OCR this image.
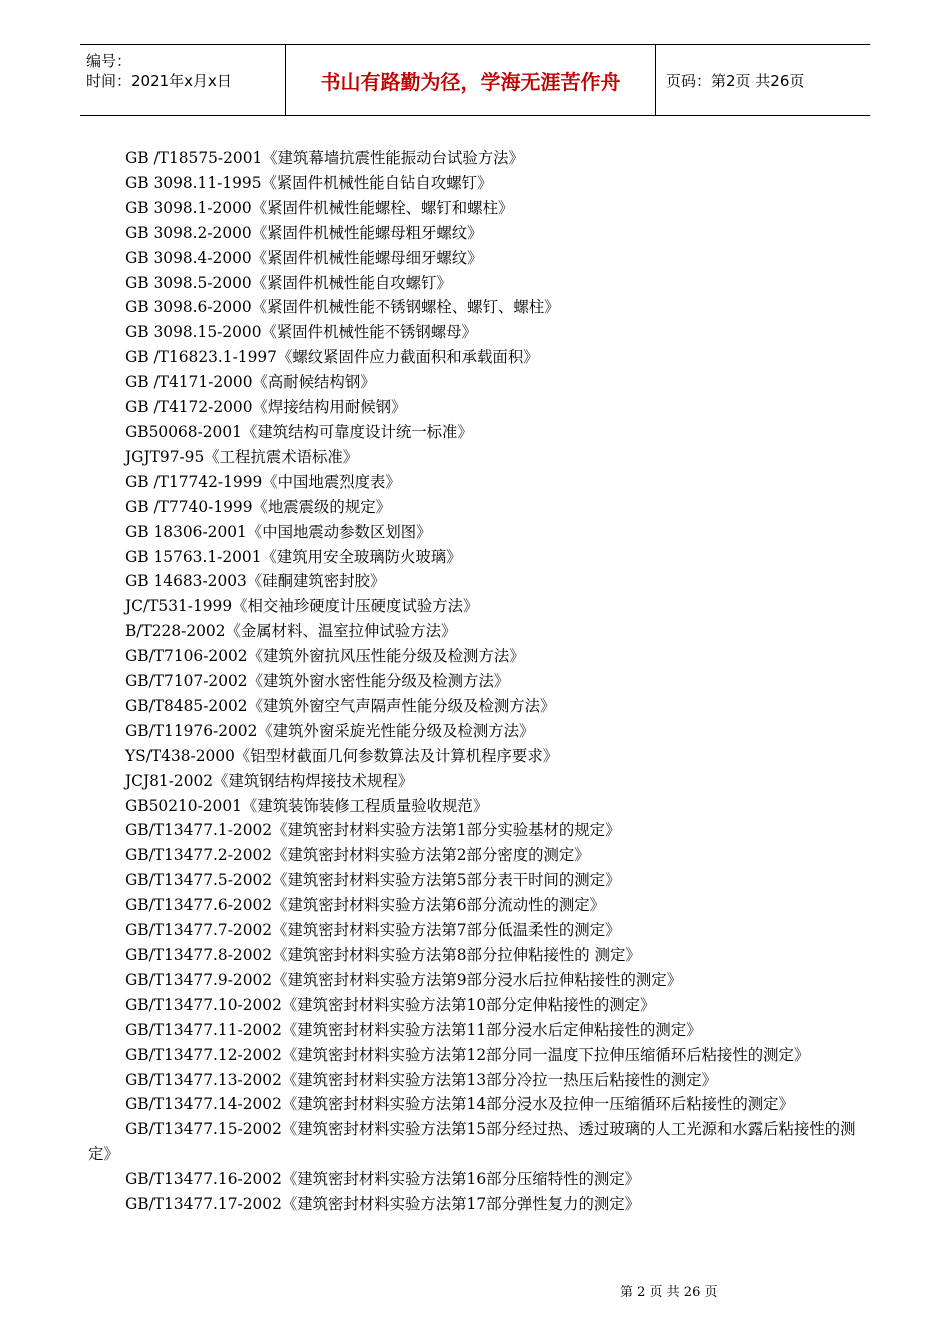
编号：
时间：2021年x月x日	书山有路勤为径，学海无涯苦作舟	页码：第2页 共26页
GB /T18575-2001《建筑幕墙抗震性能振动台试验方法》
GB 3098.11-1995《紧固件机械性能自钻自攻螺钉》
GB 3098.1-2000《紧固件机械性能螺栓、螺钉和螺柱》
GB 3098.2-2000《紧固件机械性能螺母粗牙螺纹》
GB 3098.4-2000《紧固件机械性能螺母细牙螺纹》
GB 3098.5-2000《紧固件机械性能自攻螺钉》
GB 3098.6-2000《紧固件机械性能不锈钢螺栓、螺钉、螺柱》
GB 3098.15-2000《紧固件机械性能不锈钢螺母》
GB /T16823.1-1997《螺纹紧固件应力截面积和承载面积》
GB /T4171-2000《高耐候结构钢》
GB /T4172-2000《焊接结构用耐候钢》
GB50068-2001《建筑结构可靠度设计统一标准》
JGJT97-95《工程抗震术语标准》
GB /T17742-1999《中国地震烈度表》
GB /T7740-1999《地震震级的规定》
GB 18306-2001《中国地震动参数区划图》
GB 15763.1-2001《建筑用安全玻璃防火玻璃》
GB 14683-2003《硅酮建筑密封胶》
JC/T531-1999《相交袖珍硬度计压硬度试验方法》
B/T228-2002《金属材料、温室拉伸试验方法》
GB/T7106-2002《建筑外窗抗风压性能分级及检测方法》
GB/T7107-2002《建筑外窗水密性能分级及检测方法》
GB/T8485-2002《建筑外窗空气声隔声性能分级及检测方法》
GB/T11976-2002《建筑外窗采旋光性能分级及检测方法》
YS/T438-2000《铝型材截面几何参数算法及计算机程序要求》
JCJ81-2002《建筑钢结构焊接技术规程》
GB50210-2001《建筑装饰装修工程质量验收规范》
GB/T13477.1-2002《建筑密封材料实验方法第1部分实验基材的规定》
GB/T13477.2-2002《建筑密封材料实验方法第2部分密度的测定》
GB/T13477.5-2002《建筑密封材料实验方法第5部分表干时间的测定》
GB/T13477.6-2002《建筑密封材料实验方法第6部分流动性的测定》
GB/T13477.7-2002《建筑密封材料实验方法第7部分低温柔性的测定》
GB/T13477.8-2002《建筑密封材料实验方法第8部分拉伸粘接性的 测定》
GB/T13477.9-2002《建筑密封材料实验方法第9部分浸水后拉伸粘接性的测定》
GB/T13477.10-2002《建筑密封材料实验方法第10部分定伸粘接性的测定》
GB/T13477.11-2002《建筑密封材料实验方法第11部分浸水后定伸粘接性的测定》
GB/T13477.12-2002《建筑密封材料实验方法第12部分同一温度下拉伸压缩循环后粘接性的测定》
GB/T13477.13-2002《建筑密封材料实验方法第13部分冷拉一热压后粘接性的测定》
GB/T13477.14-2002《建筑密封材料实验方法第14部分浸水及拉伸一压缩循环后粘接性的测定》
GB/T13477.15-2002《建筑密封材料实验方法第15部分经过热、透过玻璃的人工光源和水露后粘接性的测定》
GB/T13477.16-2002《建筑密封材料实验方法第16部分压缩特性的测定》
GB/T13477.17-2002《建筑密封材料实验方法第17部分弹性复力的测定》
第 2 页 共 26 页
